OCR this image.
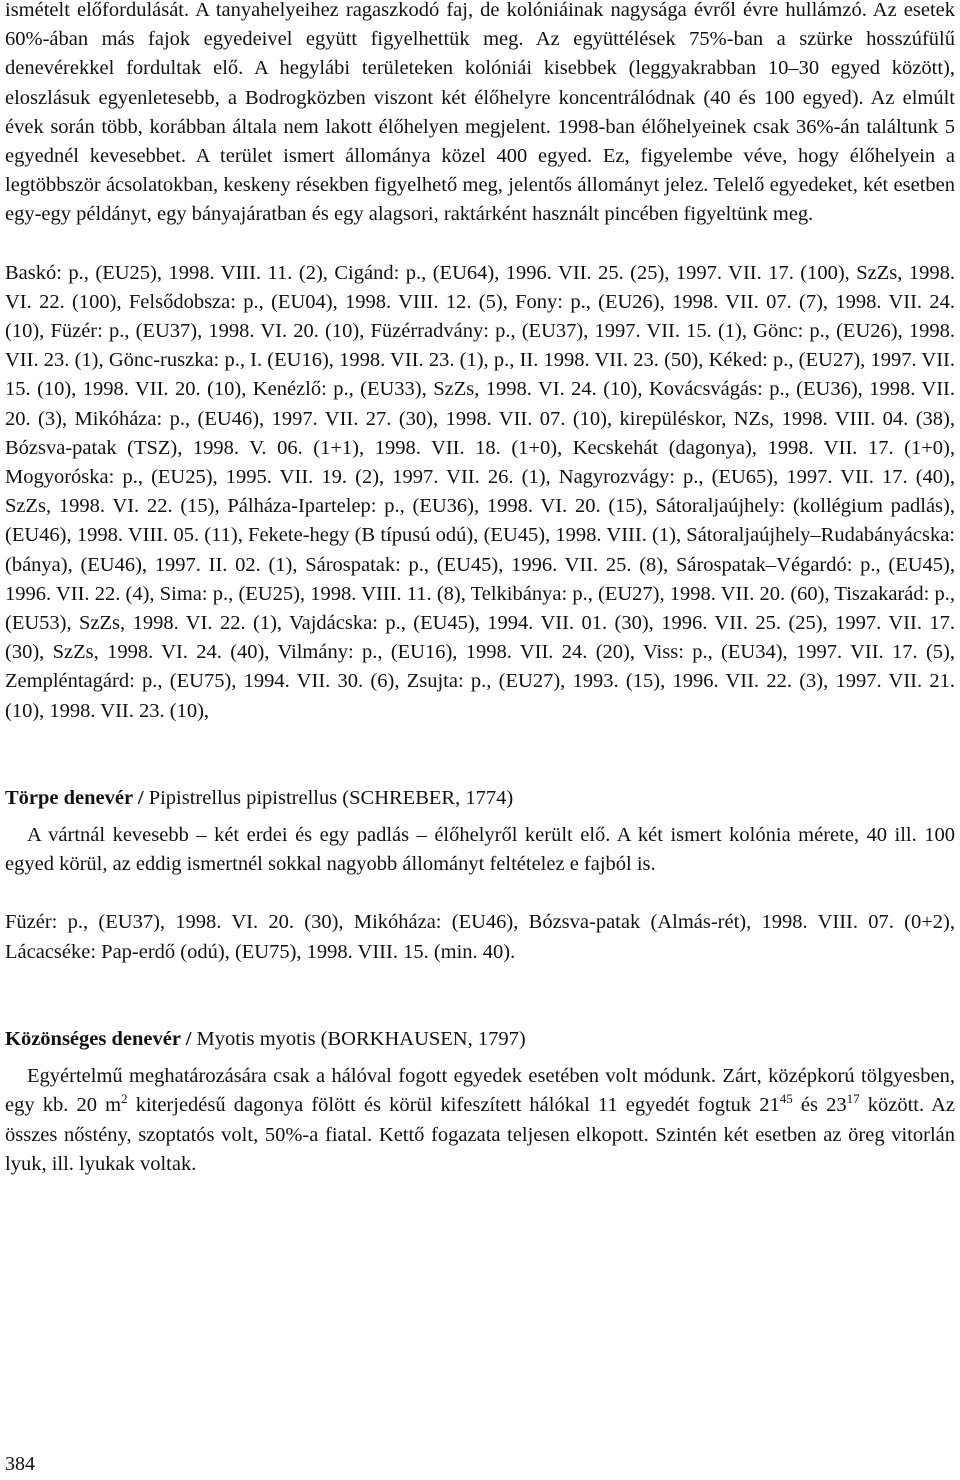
ismételt előfordulását. A tanyahelyeihez ragaszkodó faj, de kolóniáinak nagysága évről évre hullámzó. Az esetek 60%-ában más fajok egyedeivel együtt figyelhettük meg. Az együttélések 75%-ban a szürke hosszúfülű denevérekkel fordultak elő. A hegylábi területeken kolóniái kisebbek (leggyakrabban 10–30 egyed között), eloszlásuk egyenletesebb, a Bodrogközben viszont két élőhelyre koncentrálódnak (40 és 100 egyed). Az elmúlt évek során több, korábban általa nem lakott élőhelyen megjelent. 1998-ban élőhelyeinek csak 36%-án találtunk 5 egyednél kevesebbet. A terület ismert állománya közel 400 egyed. Ez, figyelembe véve, hogy élőhelyein a legtöbbször ácsolatokban, keskeny résekben figyelhető meg, jelentős állományt jelez. Telelő egyedeket, két esetben egy-egy példányt, egy bányajáratban és egy alagsori, raktárként használt pincében figyeltünk meg.

Baskó: p., (EU25), 1998. VIII. 11. (2), Cigánd: p., (EU64), 1996. VII. 25. (25), 1997. VII. 17. (100), SzZs, 1998. VI. 22. (100), Felsődobsza: p., (EU04), 1998. VIII. 12. (5), Fony: p., (EU26), 1998. VII. 07. (7), 1998. VII. 24. (10), Füzér: p., (EU37), 1998. VI. 20. (10), Füzérradvány: p., (EU37), 1997. VII. 15. (1), Gönc: p., (EU26), 1998. VII. 23. (1), Gönc-ruszka: p., I. (EU16), 1998. VII. 23. (1), p., II. 1998. VII. 23. (50), Kéked: p., (EU27), 1997. VII. 15. (10), 1998. VII. 20. (10), Kenézlő: p., (EU33), SzZs, 1998. VI. 24. (10), Kovácsvágás: p., (EU36), 1998. VII. 20. (3), Mikóháza: p., (EU46), 1997. VII. 27. (30), 1998. VII. 07. (10), kirepüléskor, NZs, 1998. VIII. 04. (38), Bózsva-patak (TSZ), 1998. V. 06. (1+1), 1998. VII. 18. (1+0), Kecskehát (dagonya), 1998. VII. 17. (1+0), Mogyoróska: p., (EU25), 1995. VII. 19. (2), 1997. VII. 26. (1), Nagyrozvágy: p., (EU65), 1997. VII. 17. (40), SzZs, 1998. VI. 22. (15), Pálháza-Ipartelep: p., (EU36), 1998. VI. 20. (15), Sátoraljaújhely: (kollégium padlás), (EU46), 1998. VIII. 05. (11), Fekete-hegy (B típusú odú), (EU45), 1998. VIII. (1), Sátoraljaújhely–Rudabányácska: (bánya), (EU46), 1997. II. 02. (1), Sárospatak: p., (EU45), 1996. VII. 25. (8), Sárospatak–Végardó: p., (EU45), 1996. VII. 22. (4), Sima: p., (EU25), 1998. VIII. 11. (8), Telkibánya: p., (EU27), 1998. VII. 20. (60), Tiszakarád: p., (EU53), SzZs, 1998. VI. 22. (1), Vajdácska: p., (EU45), 1994. VII. 01. (30), 1996. VII. 25. (25), 1997. VII. 17. (30), SzZs, 1998. VI. 24. (40), Vilmány: p., (EU16), 1998. VII. 24. (20), Viss: p., (EU34), 1997. VII. 17. (5), Zempléntagárd: p., (EU75), 1994. VII. 30. (6), Zsujta: p., (EU27), 1993. (15), 1996. VII. 22. (3), 1997. VII. 21. (10), 1998. VII. 23. (10),

Törpe denevér / Pipistrellus pipistrellus (SCHREBER, 1774)

A vártnál kevesebb – két erdei és egy padlás – élőhelyről került elő. A két ismert kolónia mérete, 40 ill. 100 egyed körül, az eddig ismertnél sokkal nagyobb állományt feltételez e fajból is.

Füzér: p., (EU37), 1998. VI. 20. (30), Mikóháza: (EU46), Bózsva-patak (Almás-rét), 1998. VIII. 07. (0+2), Lácacséke: Pap-erdő (odú), (EU75), 1998. VIII. 15. (min. 40).

Közönséges denevér / Myotis myotis (BORKHAUSEN, 1797)

Egyértelmű meghatározására csak a hálóval fogott egyedek esetében volt módunk. Zárt, középkorú tölgyesben, egy kb. 20 $m^2$ kiterjedésű dagonya fölött és körül kifeszített hálókal 11 egyedét fogtuk $21^{45}$ és $23^{17}$ között. Az összes nőstény, szoptatós volt, 50%-a fiatal. Kettő fogazata teljesen elkopott. Szintén két esetben az öreg vitorlán lyuk, ill. lyukak voltak.

384
